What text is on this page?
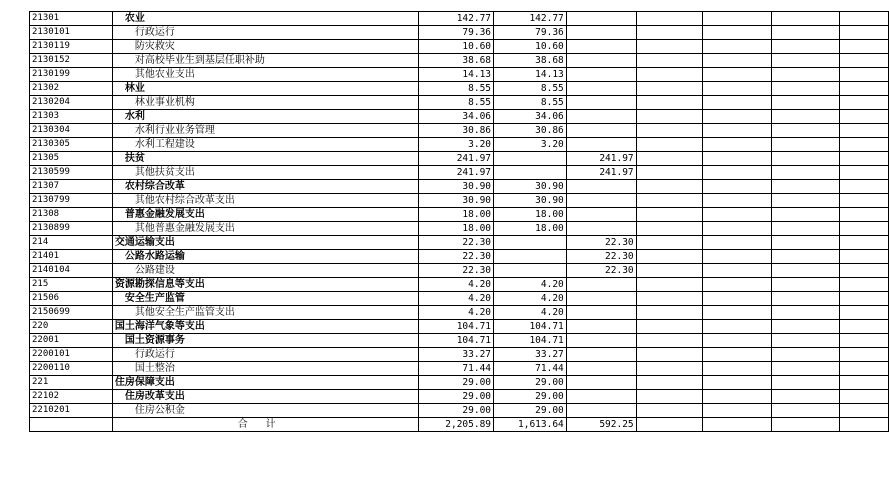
21301	农业	142.77	142.77					
2130101	行政运行	79.36	79.36					
2130119	防灾救灾	10.60	10.60					
2130152	对高校毕业生到基层任职补助	38.68	38.68					
2130199	其他农业支出	14.13	14.13					
21302	林业	8.55	8.55					
2130204	林业事业机构	8.55	8.55					
21303	水利	34.06	34.06					
2130304	水利行业业务管理	30.86	30.86					
2130305	水利工程建设	3.20	3.20					
21305	扶贫	241.97		241.97				
2130599	其他扶贫支出	241.97		241.97				
21307	农村综合改革	30.90	30.90					
2130799	其他农村综合改革支出	30.90	30.90					
21308	普惠金融发展支出	18.00	18.00					
2130899	其他普惠金融发展支出	18.00	18.00					
214	交通运输支出	22.30		22.30				
21401	公路水路运输	22.30		22.30				
2140104	公路建设	22.30		22.30				
215	资源勘探信息等支出	4.20	4.20					
21506	安全生产监管	4.20	4.20					
2150699	其他安全生产监管支出	4.20	4.20					
220	国土海洋气象等支出	104.71	104.71					
22001	国土资源事务	104.71	104.71					
2200101	行政运行	33.27	33.27					
2200110	国土整治	71.44	71.44					
221	住房保障支出	29.00	29.00					
22102	住房改革支出	29.00	29.00					
2210201	住房公积金	29.00	29.00					
	合计	2,205.89	1,613.64	592.25				
